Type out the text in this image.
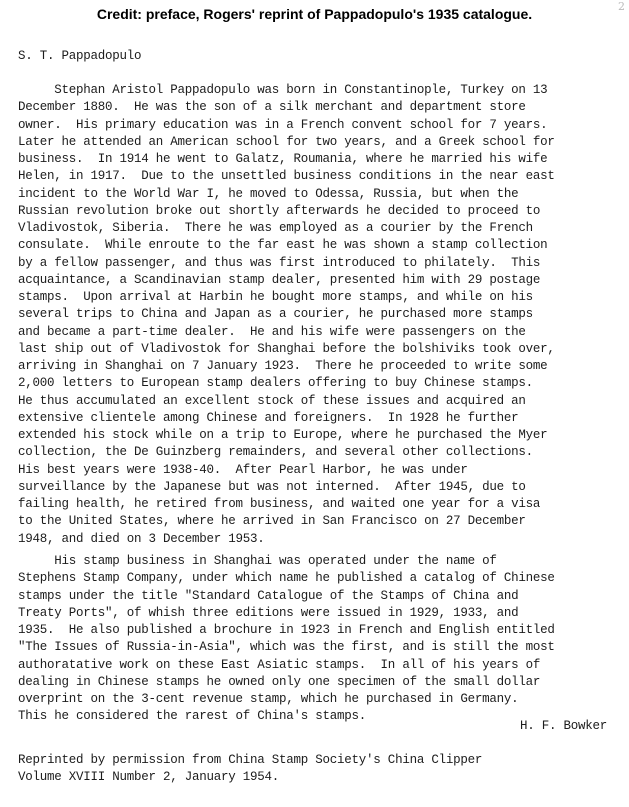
Credit: preface, Rogers' reprint of Pappadopulo's 1935 catalogue.	2
S. T. Pappadopulo
Stephan Aristol Pappadopulo was born in Constantinople, Turkey on 13
December 1880.  He was the son of a silk merchant and department store
owner.  His primary education was in a French convent school for 7 years.
Later he attended an American school for two years, and a Greek school for
business.  In 1914 he went to Galatz, Roumania, where he married his wife
Helen, in 1917.  Due to the unsettled business conditions in the near east
incident to the World War I, he moved to Odessa, Russia, but when the
Russian revolution broke out shortly afterwards he decided to proceed to
Vladivostok, Siberia.  There he was employed as a courier by the French
consulate.  While enroute to the far east he was shown a stamp collection
by a fellow passenger, and thus was first introduced to philately.  This
acquaintance, a Scandinavian stamp dealer, presented him with 29 postage
stamps.  Upon arrival at Harbin he bought more stamps, and while on his
several trips to China and Japan as a courier, he purchased more stamps
and became a part-time dealer.  He and his wife were passengers on the
last ship out of Vladivostok for Shanghai before the bolshiviks took over,
arriving in Shanghai on 7 January 1923.  There he proceeded to write some
2,000 letters to European stamp dealers offering to buy Chinese stamps.
He thus accumulated an excellent stock of these issues and acquired an
extensive clientele among Chinese and foreigners.  In 1928 he further
extended his stock while on a trip to Europe, where he purchased the Myer
collection, the De Guinzberg remainders, and several other collections.
His best years were 1938-40.  After Pearl Harbor, he was under
surveillance by the Japanese but was not interned.  After 1945, due to
failing health, he retired from business, and waited one year for a visa
to the United States, where he arrived in San Francisco on 27 December
1948, and died on 3 December 1953.
His stamp business in Shanghai was operated under the name of
Stephens Stamp Company, under which name he published a catalog of Chinese
stamps under the title "Standard Catalogue of the Stamps of China and
Treaty Ports", of whish three editions were issued in 1929, 1933, and
1935.  He also published a brochure in 1923 in French and English entitled
"The Issues of Russia-in-Asia", which was the first, and is still the most
authoratative work on these East Asiatic stamps.  In all of his years of
dealing in Chinese stamps he owned only one specimen of the small dollar
overprint on the 3-cent revenue stamp, which he purchased in Germany.
This he considered the rarest of China's stamps.
H. F. Bowker
Reprinted by permission from China Stamp Society's China Clipper
Volume XVIII Number 2, January 1954.
